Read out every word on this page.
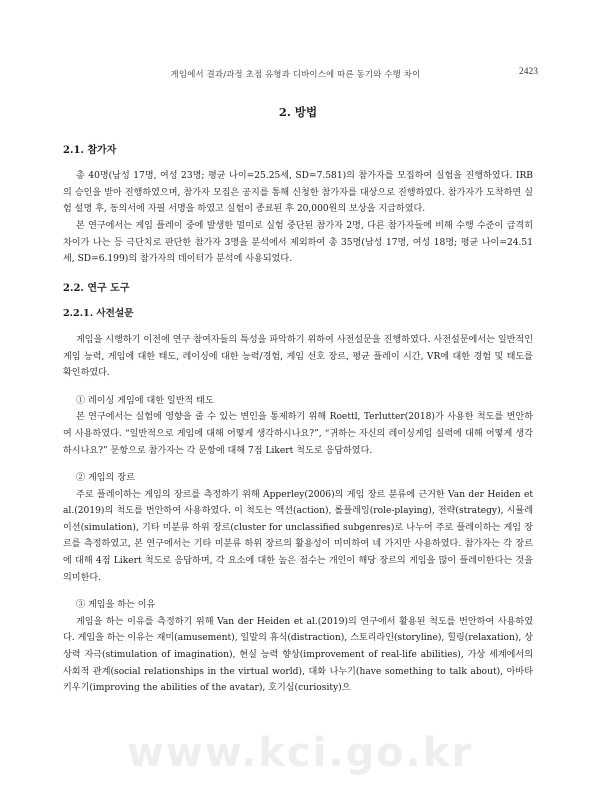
게임에서 결과/과정 초점 유형과 디바이스에 따른 동기와 수행 차이	2423
2. 방법
2.1. 참가자

총 40명(남성 17명, 여성 23명; 평균 나이=25.25세, SD=7.581)의 참가자를 모집하여 실험을 진행하였다. IRB의 승인을 받아 진행하였으며, 참가자 모집은 공지를 통해 신청한 참가자를 대상으로 진행하였다. 참가자가 도착하면 실험 설명 후, 동의서에 자필 서명을 하였고 실험이 종료된 후 20,000원의 보상을 지급하였다.

본 연구에서는 게임 플레이 중에 발생한 멀미로 실험 중단된 참가자 2명, 다른 참가자들에 비해 수행 수준이 급격히 차이가 나는 등 극단치로 판단한 참가자 3명을 분석에서 제외하여 총 35명(남성 17명, 여성 18명; 평균 나이=24.51세, SD=6.199)의 참가자의 데이터가 분석에 사용되었다.

2.2. 연구 도구
2.2.1. 사전설문

게임을 시행하기 이전에 연구 참여자들의 특성을 파악하기 위하여 사전설문을 진행하였다. 사전설문에서는 일반적인 게임 능력, 게임에 대한 태도, 레이싱에 대한 능력/경험, 게임 선호 장르, 평균 플레이 시간, VR에 대한 경험 및 태도를 확인하였다.

① 레이싱 게임에 대한 일반적 태도

본 연구에서는 실험에 영향을 줄 수 있는 변인을 통제하기 위해 Roettl, Terlutter(2018)가 사용한 척도를 번안하여 사용하였다. “일반적으로 게임에 대해 어떻게 생각하시나요?”, “귀하는 자신의 레이싱게임 실력에 대해 어떻게 생각하시나요?” 문항으로 참가자는 각 문항에 대해 7점 Likert 척도로 응답하였다.

② 게임의 장르

주로 플레이하는 게임의 장르를 측정하기 위해 Apperley(2006)의 게임 장르 분류에 근거한 Van der Heiden et al.(2019)의 척도를 번안하여 사용하였다. 이 척도는 액션(action), 롤플레잉(role-playing), 전략(strategy), 시뮬레이션(simulation), 기타 미분류 하위 장르(cluster for unclassified subgenres)로 나누어 주로 플레이하는 게임 장르를 측정하였고, 본 연구에서는 기타 미분류 하위 장르의 활용성이 미미하여 네 가지만 사용하였다. 참가자는 각 장르에 대해 4점 Likert 척도로 응답하며, 각 요소에 대한 높은 점수는 개인이 해당 장르의 게임을 많이 플레이한다는 것을 의미한다.

③ 게임을 하는 이유

게임을 하는 이유를 측정하기 위해 Van der Heiden et al.(2019)의 연구에서 활용된 척도를 번안하여 사용하였다. 게임을 하는 이유는 재미(amusement), 일말의 휴식(distraction), 스토리라인(storyline), 힐링(relaxation), 상상력 자극(stimulation of imagination), 현실 능력 향상(improvement of real-life abilities), 가상 세계에서의 사회적 관계(social relationships in the virtual world), 대화 나누기(have something to talk about), 아바타 키우기(improving the abilities of the avatar), 호기심(curiosity)으

www.kci.go.kr
